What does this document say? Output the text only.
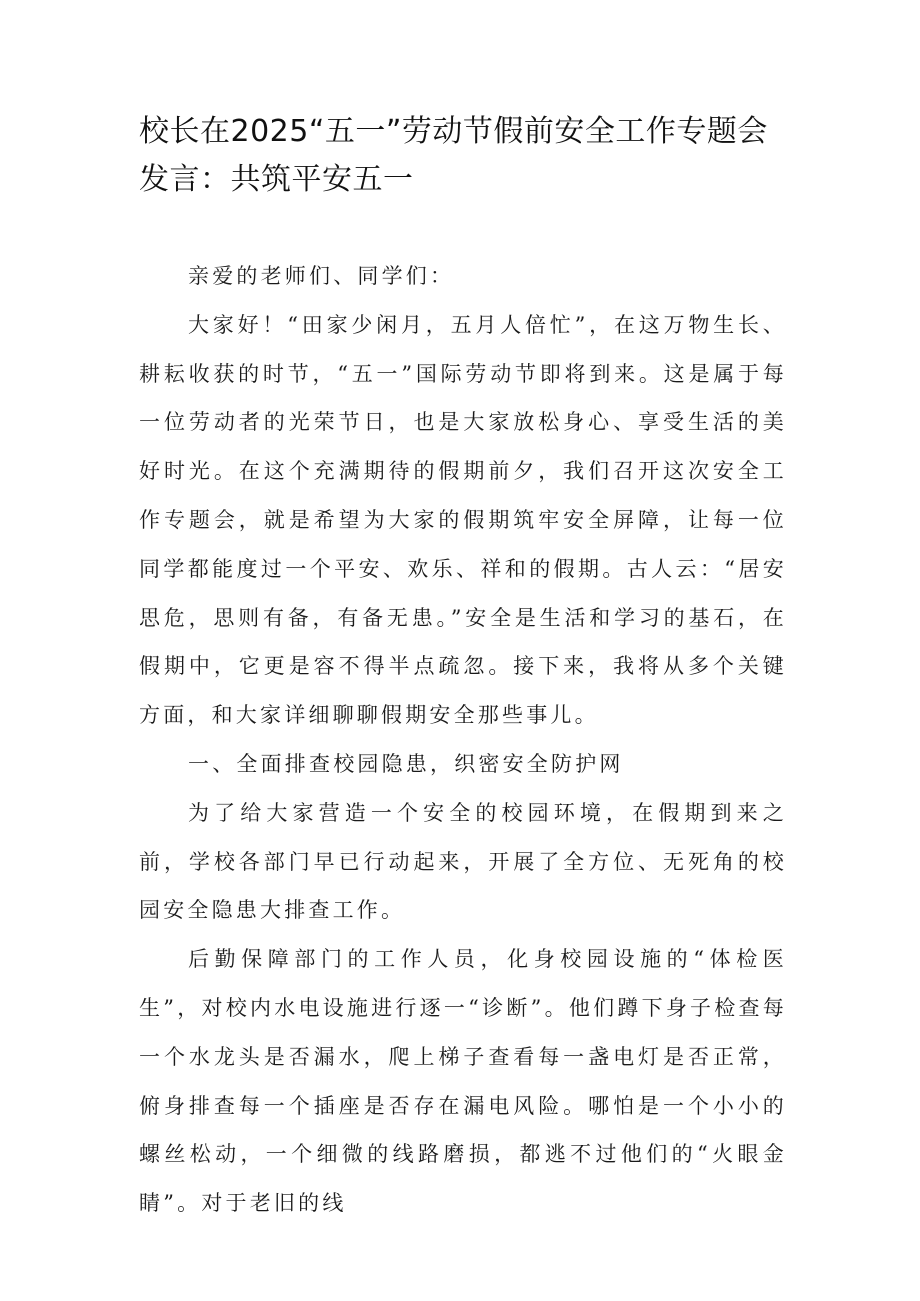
校长在2025“五一”劳动节假前安全工作专题会发言：共筑平安五一

亲爱的老师们、同学们：

大家好！“田家少闲月，五月人倍忙”，在这万物生长、耕耘收获的时节，“五一”国际劳动节即将到来。这是属于每一位劳动者的光荣节日，也是大家放松身心、享受生活的美好时光。在这个充满期待的假期前夕，我们召开这次安全工作专题会，就是希望为大家的假期筑牢安全屏障，让每一位同学都能度过一个平安、欢乐、祥和的假期。古人云：“居安思危，思则有备，有备无患。”安全是生活和学习的基石，在假期中，它更是容不得半点疏忽。接下来，我将从多个关键方面，和大家详细聊聊假期安全那些事儿。

一、全面排查校园隐患，织密安全防护网

为了给大家营造一个安全的校园环境，在假期到来之前，学校各部门早已行动起来，开展了全方位、无死角的校园安全隐患大排查工作。

后勤保障部门的工作人员，化身校园设施的“体检医生”，对校内水电设施进行逐一“诊断”。他们蹲下身子检查每一个水龙头是否漏水，爬上梯子查看每一盏电灯是否正常，俯身排查每一个插座是否存在漏电风险。哪怕是一个小小的螺丝松动，一个细微的线路磨损，都逃不过他们的“火眼金睛”。对于老旧的线
